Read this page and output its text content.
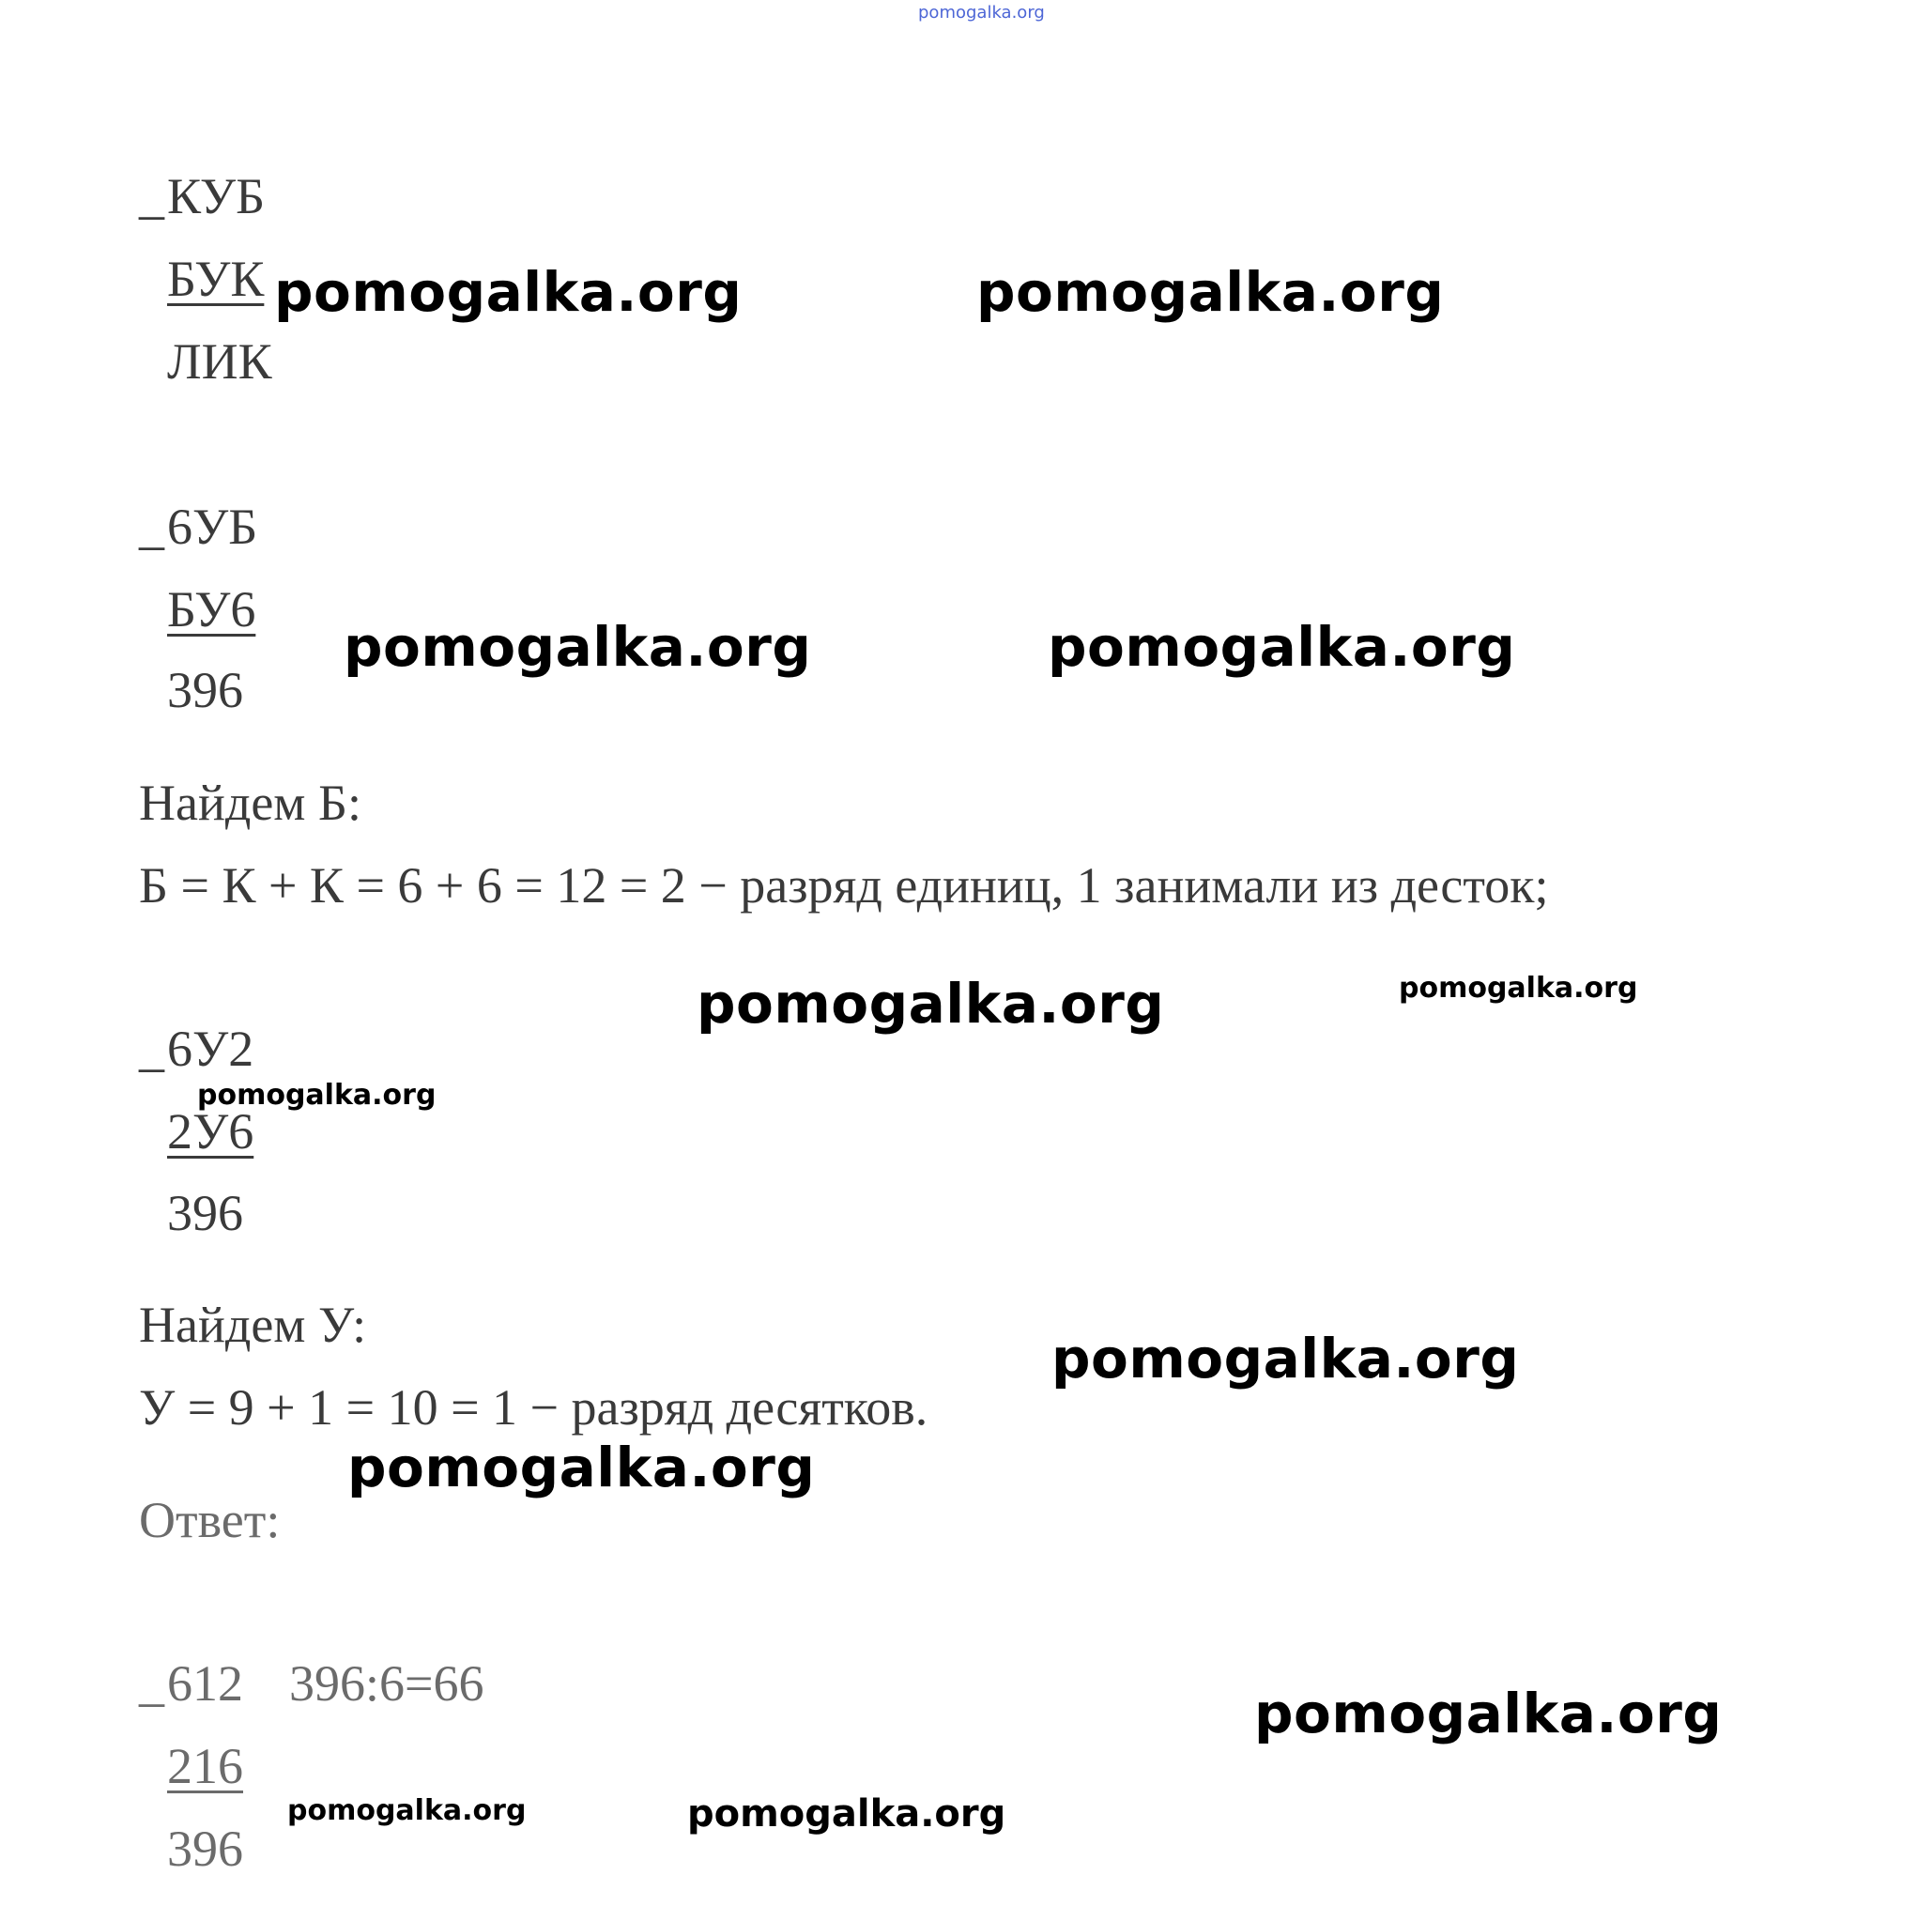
pomogalka.org
_ КУБ
БУК
ЛИК
_ 6УБ
БУ6
396
Найдем Б:
Б = К + К = 6 + 6 = 12 = 2 − разряд единиц, 1 занимали из десток;
_ 6У2
2У6
396
Найдем У:
У = 9 + 1 = 10 = 1 − разряд десятков.
Ответ:
_ 612 396:6=66
216
396
pomogalka.org	pomogalka.org
pomogalka.org	pomogalka.org
pomogalka.org	pomogalka.org
pomogalka.org
pomogalka.org
pomogalka.org
pomogalka.org
pomogalka.org	pomogalka.org
